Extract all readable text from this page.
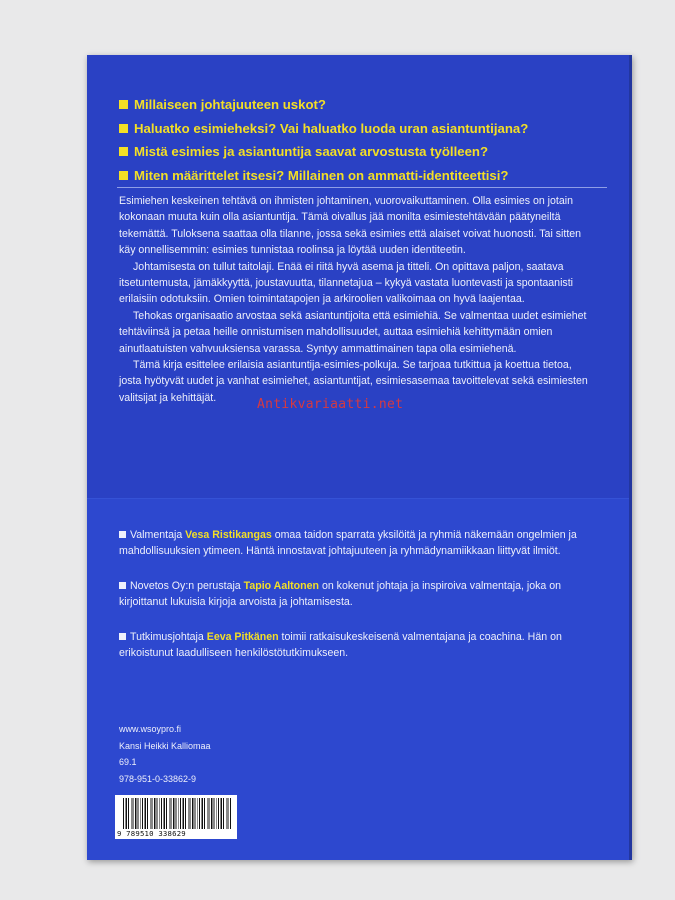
Millaiseen johtajuuteen uskot?
Haluatko esimieheksi? Vai haluatko luoda uran asiantuntijana?
Mistä esimies ja asiantuntija saavat arvostusta työlleen?
Miten määrittelet itsesi? Millainen on ammatti-identiteettisi?

Esimiehen keskeinen tehtävä on ihmisten johtaminen, vuorovaikuttaminen. Olla esimies on jotain kokonaan muuta kuin olla asiantuntija. Tämä oivallus jää monilta esimiestehtävään päätyneiltä tekemättä. Tuloksena saattaa olla tilanne, jossa sekä esimies että alaiset voivat huonosti. Tai sitten käy onnellisemmin: esimies tunnistaa roolinsa ja löytää uuden identiteetin.

Johtamisesta on tullut taitolaji. Enää ei riitä hyvä asema ja titteli. On opittava paljon, saatava itsetuntemusta, jämäkkyyttä, joustavuutta, tilannetajua – kykyä vastata luontevasti ja spontaanisti erilaisiin odotuksiin. Omien toimintatapojen ja arkiroolien valikoimaa on hyvä laajentaa.

Tehokas organisaatio arvostaa sekä asiantuntijoita että esimiehiä. Se valmentaa uudet esimiehet tehtäviinsä ja petaa heille onnistumisen mahdollisuudet, auttaa esimiehiä kehittymään omien ainutlaatuisten vahvuuksiensa varassa. Syntyy ammattimainen tapa olla esimiehenä.

Tämä kirja esittelee erilaisia asiantuntija-esimies-polkuja. Se tarjoaa tutkittua ja koettua tietoa, josta hyötyvät uudet ja vanhat esimiehet, asiantuntijat, esimiesasemaa tavoittelevat sekä esimiesten valitsijat ja kehittäjät.	Antikvariaatti.net

Valmentaja Vesa Ristikangas omaa taidon sparrata yksilöitä ja ryhmiä näkemään ongelmien ja mahdollisuuksien ytimeen. Häntä innostavat johtajuuteen ja ryhmädynamiikkaan liittyvät ilmiöt.

Novetos Oy:n perustaja Tapio Aaltonen on kokenut johtaja ja inspiroiva valmentaja, joka on kirjoittanut lukuisia kirjoja arvoista ja johtamisesta.

Tutkimusjohtaja Eeva Pitkänen toimii ratkaisukeskeisenä valmentajana ja coachina. Hän on erikoistunut laadulliseen henkilöstötutkimukseen.

www.wsoypro.fi
Kansi Heikki Kalliomaa
69.1
978-951-0-33862-9
9 789510 338629
